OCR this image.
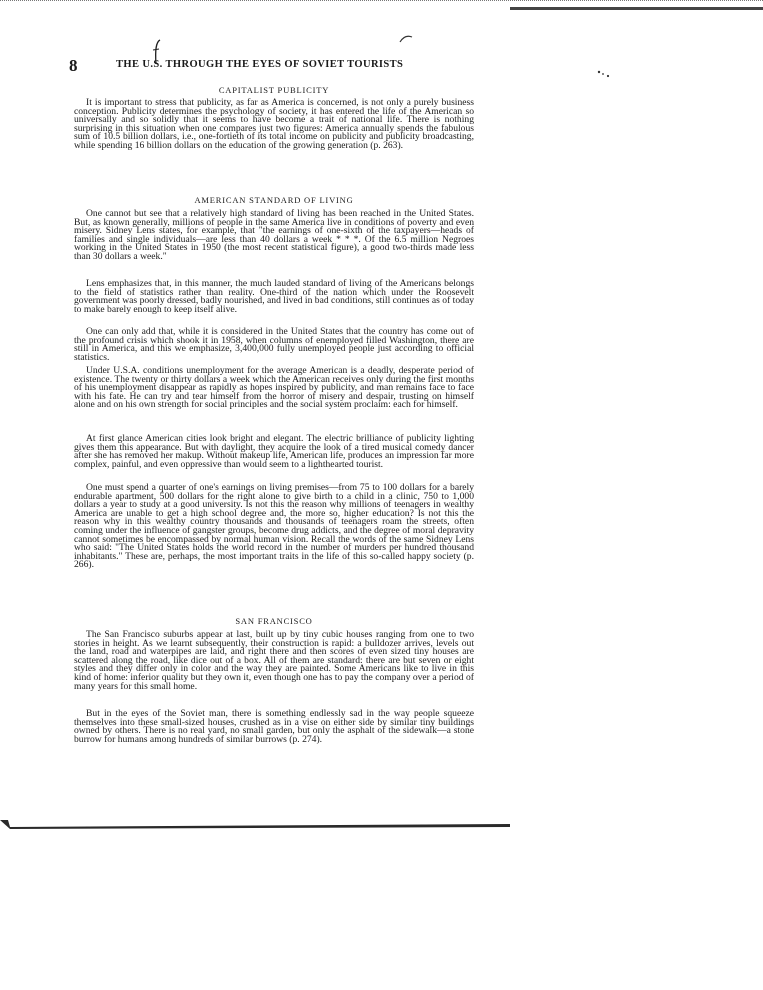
8	THE U.S. THROUGH THE EYES OF SOVIET TOURISTS
CAPITALIST PUBLICITY

It is important to stress that publicity, as far as America is concerned, is not only a purely business conception. Publicity determines the psychology of society, it has entered the life of the American so universally and so solidly that it seems to have become a trait of national life. There is nothing surprising in this situation when one compares just two figures: America annually spends the fabulous sum of 10.5 billion dollars, i.e., one-fortieth of its total income on publicity and publicity broadcasting, while spending 16 billion dollars on the education of the growing generation (p. 263).

AMERICAN STANDARD OF LIVING

One cannot but see that a relatively high standard of living has been reached in the United States. But, as known generally, millions of people in the same America live in conditions of poverty and even misery. Sidney Lens states, for example, that "the earnings of one-sixth of the taxpayers—heads of families and single individuals—are less than 40 dollars a week * * *. Of the 6.5 million Negroes working in the United States in 1950 (the most recent statistical figure), a good two-thirds made less than 30 dollars a week."

Lens emphasizes that, in this manner, the much lauded standard of living of the Americans belongs to the field of statistics rather than reality. One-third of the nation which under the Roosevelt government was poorly dressed, badly nourished, and lived in bad conditions, still continues as of today to make barely enough to keep itself alive.

One can only add that, while it is considered in the United States that the country has come out of the profound crisis which shook it in 1958, when columns of enemployed filled Washington, there are still in America, and this we emphasize, 3,400,000 fully unemployed people just according to official statistics.

Under U.S.A. conditions unemployment for the average American is a deadly, desperate period of existence. The twenty or thirty dollars a week which the American receives only during the first months of his unemployment disappear as rapidly as hopes inspired by publicity, and man remains face to face with his fate. He can try and tear himself from the horror of misery and despair, trusting on himself alone and on his own strength for social principles and the social system proclaim: each for himself.

At first glance American cities look bright and elegant. The electric brilliance of publicity lighting gives them this appearance. But with daylight, they acquire the look of a tired musical comedy dancer after she has removed her makup. Without makeup life, American life, produces an impression far more complex, painful, and even oppressive than would seem to a lighthearted tourist.

One must spend a quarter of one's earnings on living premises—from 75 to 100 dollars for a barely endurable apartment, 500 dollars for the right alone to give birth to a child in a clinic, 750 to 1,000 dollars a year to study at a good university. Is not this the reason why millions of teenagers in wealthy America are unable to get a high school degree and, the more so, higher education? Is not this the reason why in this wealthy country thousands and thousands of teenagers roam the streets, often coming under the influence of gangster groups, become drug addicts, and the degree of moral depravity cannot sometimes be encompassed by normal human vision. Recall the words of the same Sidney Lens who said: "The United States holds the world record in the number of murders per hundred thousand inhabitants." These are, perhaps, the most important traits in the life of this so-called happy society (p. 266).

SAN FRANCISCO

The San Francisco suburbs appear at last, built up by tiny cubic houses ranging from one to two stories in height. As we learnt subsequently, their construction is rapid: a bulldozer arrives, levels out the land, road and waterpipes are laid, and right there and then scores of even sized tiny houses are scattered along the road, like dice out of a box. All of them are standard: there are but seven or eight styles and they differ only in color and the way they are painted. Some Americans like to live in this kind of home: inferior quality but they own it, even though one has to pay the company over a period of many years for this small home.

But in the eyes of the Soviet man, there is something endlessly sad in the way people squeeze themselves into these small-sized houses, crushed as in a vise on either side by similar tiny buildings owned by others. There is no real yard, no small garden, but only the asphalt of the sidewalk—a stone burrow for humans among hundreds of similar burrows (p. 274).
